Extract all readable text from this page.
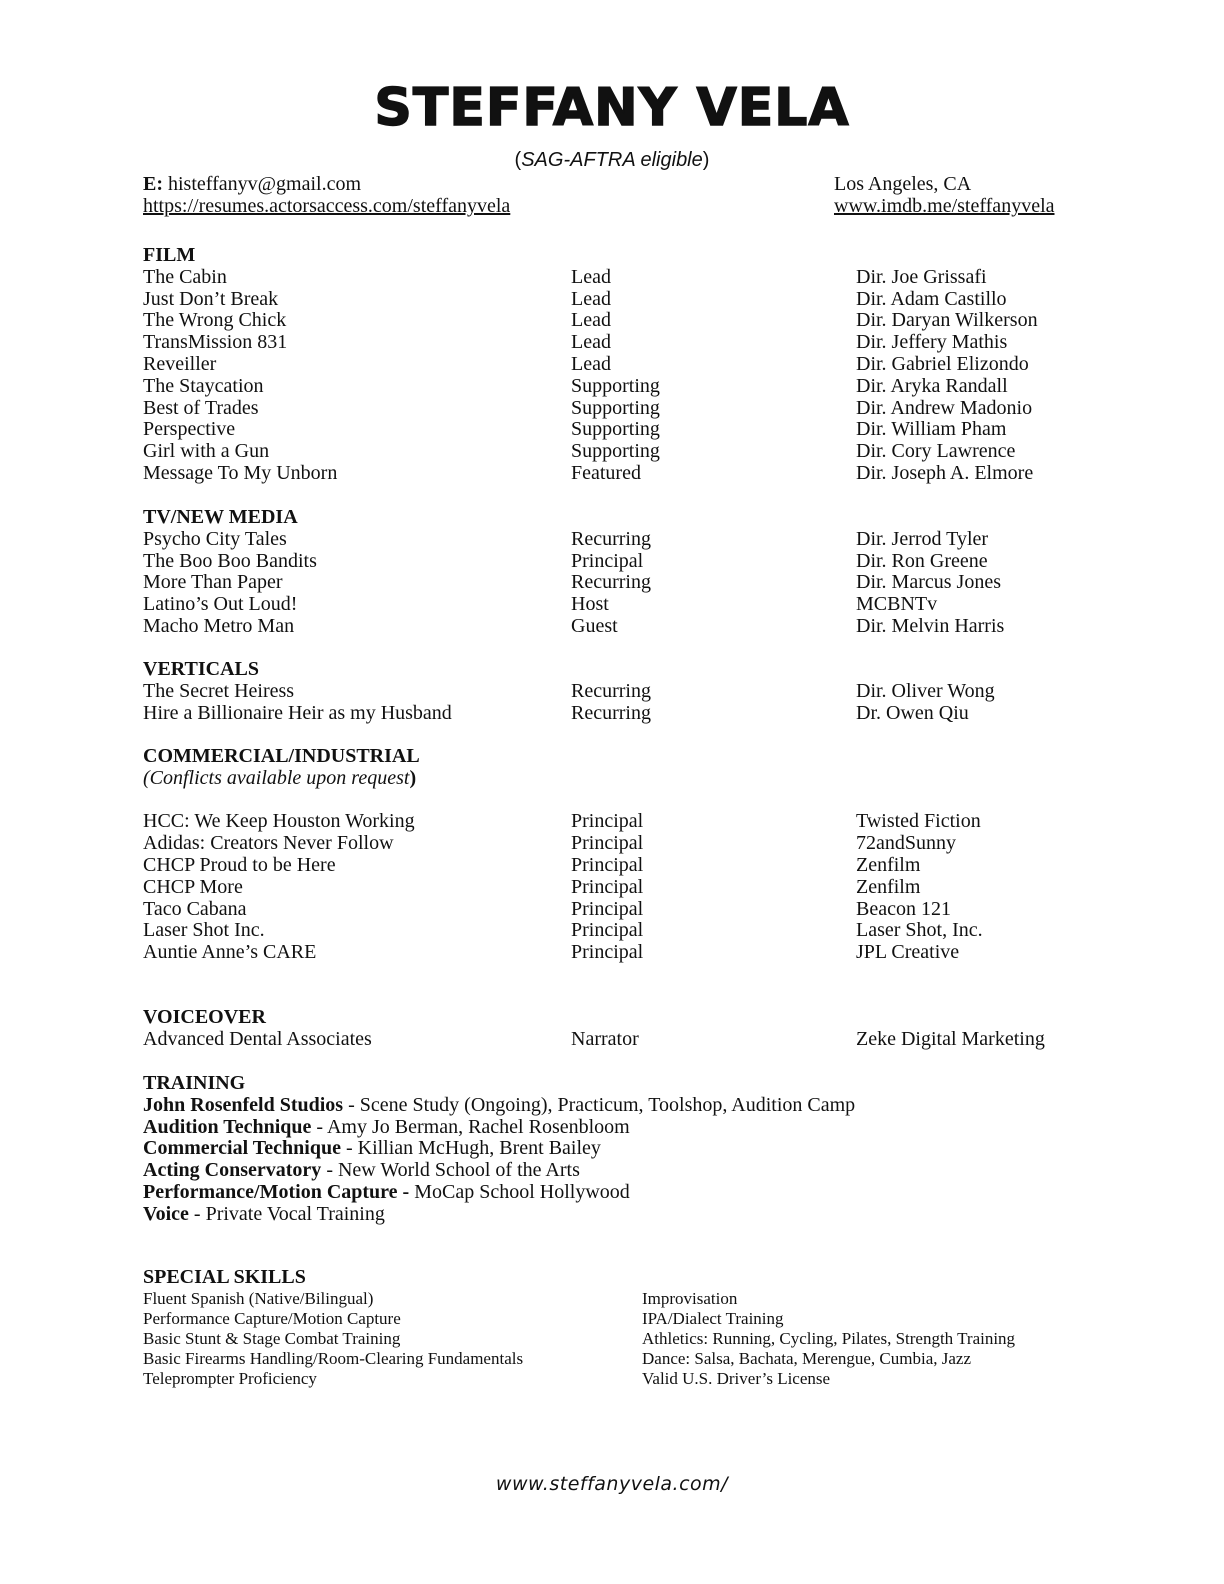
STEFFANY VELA
(SAG-AFTRA eligible)
E: histeffanyv@gmail.com
https://resumes.actorsaccess.com/steffanyvela
Los Angeles, CA
www.imdb.me/steffanyvela
FILM
The Cabin	Lead	Dir. Joe Grissafi
Just Don’t Break	Lead	Dir. Adam Castillo
The Wrong Chick	Lead	Dir. Daryan Wilkerson
TransMission 831	Lead	Dir. Jeffery Mathis
Reveiller	Lead	Dir. Gabriel Elizondo
The Staycation	Supporting	Dir. Aryka Randall
Best of Trades	Supporting	Dir. Andrew Madonio
Perspective	Supporting	Dir. William Pham
Girl with a Gun	Supporting	Dir. Cory Lawrence
Message To My Unborn	Featured	Dir. Joseph A. Elmore
TV/NEW MEDIA
Psycho City Tales	Recurring	Dir. Jerrod Tyler
The Boo Boo Bandits	Principal	Dir. Ron Greene
More Than Paper	Recurring	Dir. Marcus Jones
Latino’s Out Loud!	Host	MCBNTv
Macho Metro Man	Guest	Dir. Melvin Harris
VERTICALS
The Secret Heiress	Recurring	Dir. Oliver Wong
Hire a Billionaire Heir as my Husband	Recurring	Dr. Owen Qiu
COMMERCIAL/INDUSTRIAL
(Conflicts available upon request)
HCC: We Keep Houston Working	Principal	Twisted Fiction
Adidas: Creators Never Follow	Principal	72andSunny
CHCP Proud to be Here	Principal	Zenfilm
CHCP More	Principal	Zenfilm
Taco Cabana	Principal	Beacon 121
Laser Shot Inc.	Principal	Laser Shot, Inc.
Auntie Anne’s CARE	Principal	JPL Creative
VOICEOVER
Advanced Dental Associates	Narrator	Zeke Digital Marketing
TRAINING
John Rosenfeld Studios - Scene Study (Ongoing), Practicum, Toolshop, Audition Camp
Audition Technique - Amy Jo Berman, Rachel Rosenbloom
Commercial Technique - Killian McHugh, Brent Bailey
Acting Conservatory - New World School of the Arts
Performance/Motion Capture - MoCap School Hollywood
Voice - Private Vocal Training
SPECIAL SKILLS
Fluent Spanish (Native/Bilingual)
Performance Capture/Motion Capture
Basic Stunt & Stage Combat Training
Basic Firearms Handling/Room-Clearing Fundamentals
Teleprompter Proficiency
Improvisation
IPA/Dialect Training
Athletics: Running, Cycling, Pilates, Strength Training
Dance: Salsa, Bachata, Merengue, Cumbia, Jazz
Valid U.S. Driver’s License
www.steffanyvela.com/
